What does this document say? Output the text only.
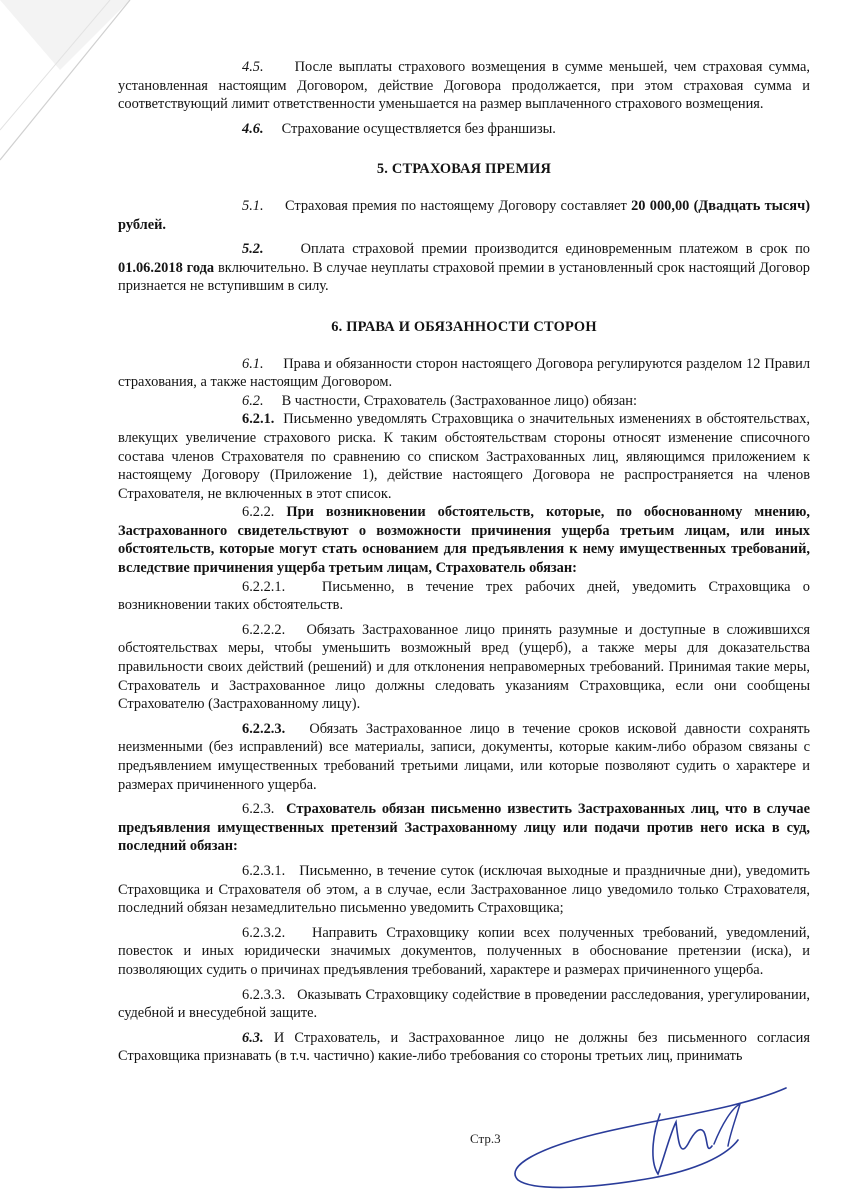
4.5. После выплаты страхового возмещения в сумме меньшей, чем страховая сумма, установленная настоящим Договором, действие Договора продолжается, при этом страховая сумма и соответствующий лимит ответственности уменьшается на размер выплаченного страхового возмещения.

4.6. Страхование осуществляется без франшизы.

5. СТРАХОВАЯ ПРЕМИЯ

5.1. Страховая премия по настоящему Договору составляет 20 000,00 (Двадцать тысяч) рублей.

5.2.	Оплата страховой премии производится единовременным платежом в срок по 01.06.2018 года включительно. В случае неуплаты страховой премии в установленный срок настоящий Договор признается не вступившим в силу.

6. ПРАВА И ОБЯЗАННОСТИ СТОРОН

6.1. Права и обязанности сторон настоящего Договора регулируются разделом 12 Правил страхования, а также настоящим Договором.

6.2. В частности, Страхователь (Застрахованное лицо) обязан:

6.2.1. Письменно уведомлять Страховщика о значительных изменениях в обстоятельствах, влекущих увеличение страхового риска. К таким обстоятельствам стороны относят изменение списочного состава членов Страхователя по сравнению со списком Застрахованных лиц, являющимся приложением к настоящему Договору (Приложение 1), действие настоящего Договора не распространяется на членов Страхователя, не включенных в этот список.

6.2.2. При возникновении обстоятельств, которые, по обоснованному мнению, Застрахованного свидетельствуют о возможности причинения ущерба третьим лицам, или иных обстоятельств, которые могут стать основанием для предъявления к нему имущественных требований, вследствие причинения ущерба третьим лицам, Страхователь обязан:

6.2.2.1.	Письменно, в течение трех рабочих дней, уведомить Страховщика о возникновении таких обстоятельств.

6.2.2.2. Обязать Застрахованное лицо принять разумные и доступные в сложившихся обстоятельствах меры, чтобы уменьшить возможный вред (ущерб), а также меры для доказательства правильности своих действий (решений) и для отклонения неправомерных требований. Принимая такие меры, Страхователь и Застрахованное лицо должны следовать указаниям Страховщика, если они сообщены Страхователю (Застрахованному лицу).

6.2.2.3. Обязать Застрахованное лицо в течение сроков исковой давности сохранять неизменными (без исправлений) все материалы, записи, документы, которые каким-либо образом связаны с предъявлением имущественных требований третьими лицами, или которые позволяют судить о характере и размерах причиненного ущерба.

6.2.3. Страхователь обязан письменно известить Застрахованных лиц, что в случае предъявления имущественных претензий Застрахованному лицу или подачи против него иска в суд, последний обязан:

6.2.3.1. Письменно, в течение суток (исключая выходные и праздничные дни), уведомить Страховщика и Страхователя об этом, а в случае, если Застрахованное лицо уведомило только Страхователя, последний обязан незамедлительно письменно уведомить Страховщика;

6.2.3.2. Направить Страховщику копии всех полученных требований, уведомлений, повесток и иных юридически значимых документов, полученных в обоснование претензии (иска), и позволяющих судить о причинах предъявления требований, характере и размерах причиненного ущерба.

6.2.3.3. Оказывать Страховщику содействие в проведении расследования, урегулировании, судебной и внесудебной защите.

6.3. И Страхователь, и Застрахованное лицо не должны без письменного согласия Страховщика признавать (в т.ч. частично) какие-либо требования со стороны третьих лиц, принимать

Стр.3
